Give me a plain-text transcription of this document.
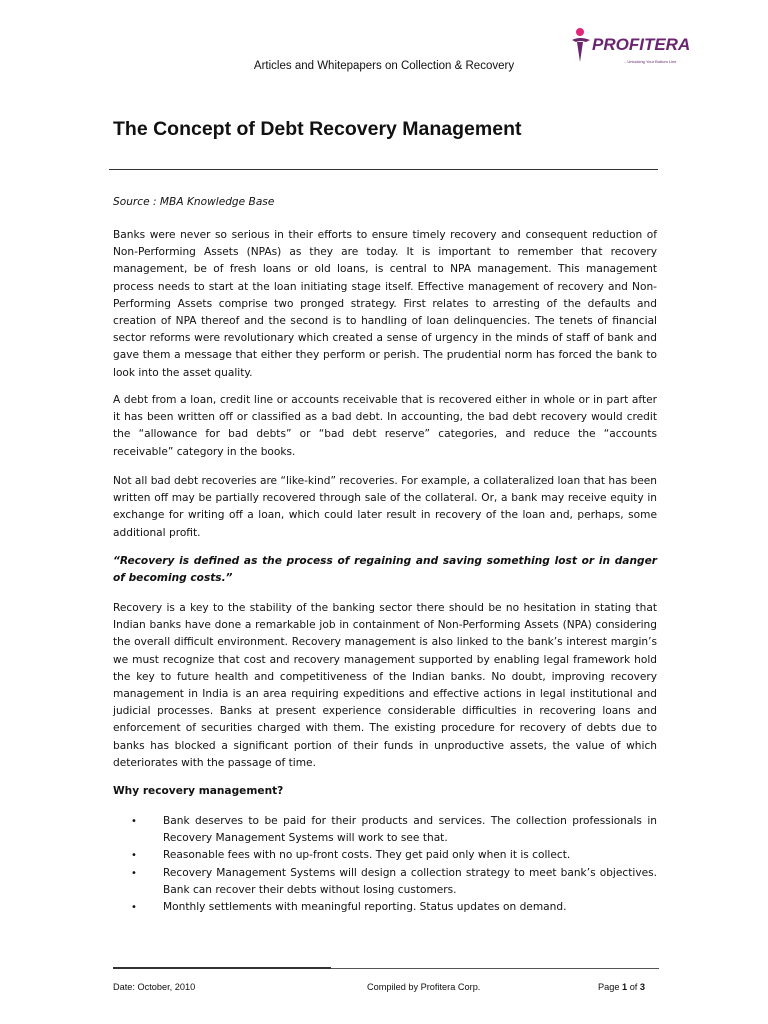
Articles and Whitepapers on Collection & Recovery
PROFITERA
...Unlocking Your Bottom Line
The Concept of Debt Recovery Management
Source : MBA Knowledge Base
Banks were never so serious in their efforts to ensure timely recovery and consequent reduction of Non-Performing Assets (NPAs) as they are today. It is important to remember that recovery management, be of fresh loans or old loans, is central to NPA management. This management process needs to start at the loan initiating stage itself. Effective management of recovery and Non-Performing Assets comprise two pronged strategy. First relates to arresting of the defaults and creation of NPA thereof and the second is to handling of loan delinquencies. The tenets of financial sector reforms were revolutionary which created a sense of urgency in the minds of staff of bank and gave them a message that either they perform or perish. The prudential norm has forced the bank to look into the asset quality.
A debt from a loan, credit line or accounts receivable that is recovered either in whole or in part after it has been written off or classified as a bad debt. In accounting, the bad debt recovery would credit the “allowance for bad debts” or “bad debt reserve” categories, and reduce the “accounts receivable” category in the books.
Not all bad debt recoveries are “like-kind” recoveries. For example, a collateralized loan that has been written off may be partially recovered through sale of the collateral. Or, a bank may receive equity in exchange for writing off a loan, which could later result in recovery of the loan and, perhaps, some additional profit.
“Recovery is defined as the process of regaining and saving something lost or in danger of becoming costs.”
Recovery is a key to the stability of the banking sector there should be no hesitation in stating that Indian banks have done a remarkable job in containment of Non-Performing Assets (NPA) considering the overall difficult environment. Recovery management is also linked to the bank’s interest margin’s we must recognize that cost and recovery management supported by enabling legal framework hold the key to future health and competitiveness of the Indian banks. No doubt, improving recovery management in India is an area requiring expeditions and effective actions in legal institutional and judicial processes. Banks at present experience considerable difficulties in recovering loans and enforcement of securities charged with them. The existing procedure for recovery of debts due to banks has blocked a significant portion of their funds in unproductive assets, the value of which deteriorates with the passage of time.
Why recovery management?
• Bank deserves to be paid for their products and services. The collection professionals in Recovery Management Systems will work to see that.
• Reasonable fees with no up-front costs. They get paid only when it is collect.
• Recovery Management Systems will design a collection strategy to meet bank’s objectives. Bank can recover their debts without losing customers.
• Monthly settlements with meaningful reporting. Status updates on demand.
Date: October, 2010	Compiled by Profitera Corp.	Page 1 of 3
